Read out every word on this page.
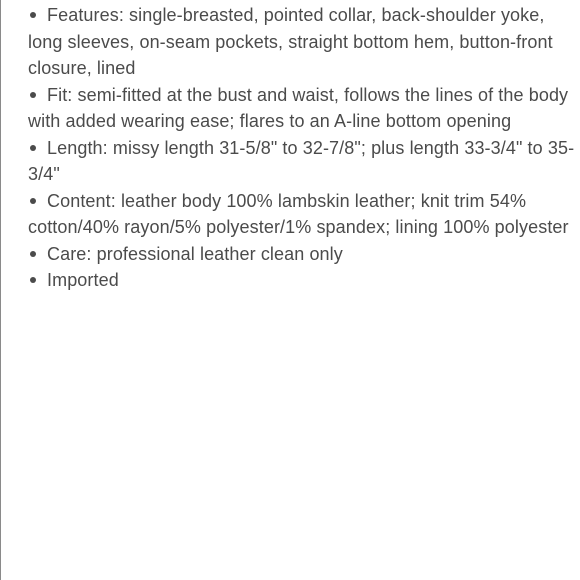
Features: single-breasted, pointed collar, back-shoulder yoke, long sleeves, on-seam pockets, straight bottom hem, button-front closure, lined
Fit: semi-fitted at the bust and waist, follows the lines of the body with added wearing ease; flares to an A-line bottom opening
Length: missy length 31-5/8" to 32-7/8"; plus length 33-3/4" to 35-3/4"
Content: leather body 100% lambskin leather; knit trim 54% cotton/40% rayon/5% polyester/1% spandex; lining 100% polyester
Care: professional leather clean only
Imported
